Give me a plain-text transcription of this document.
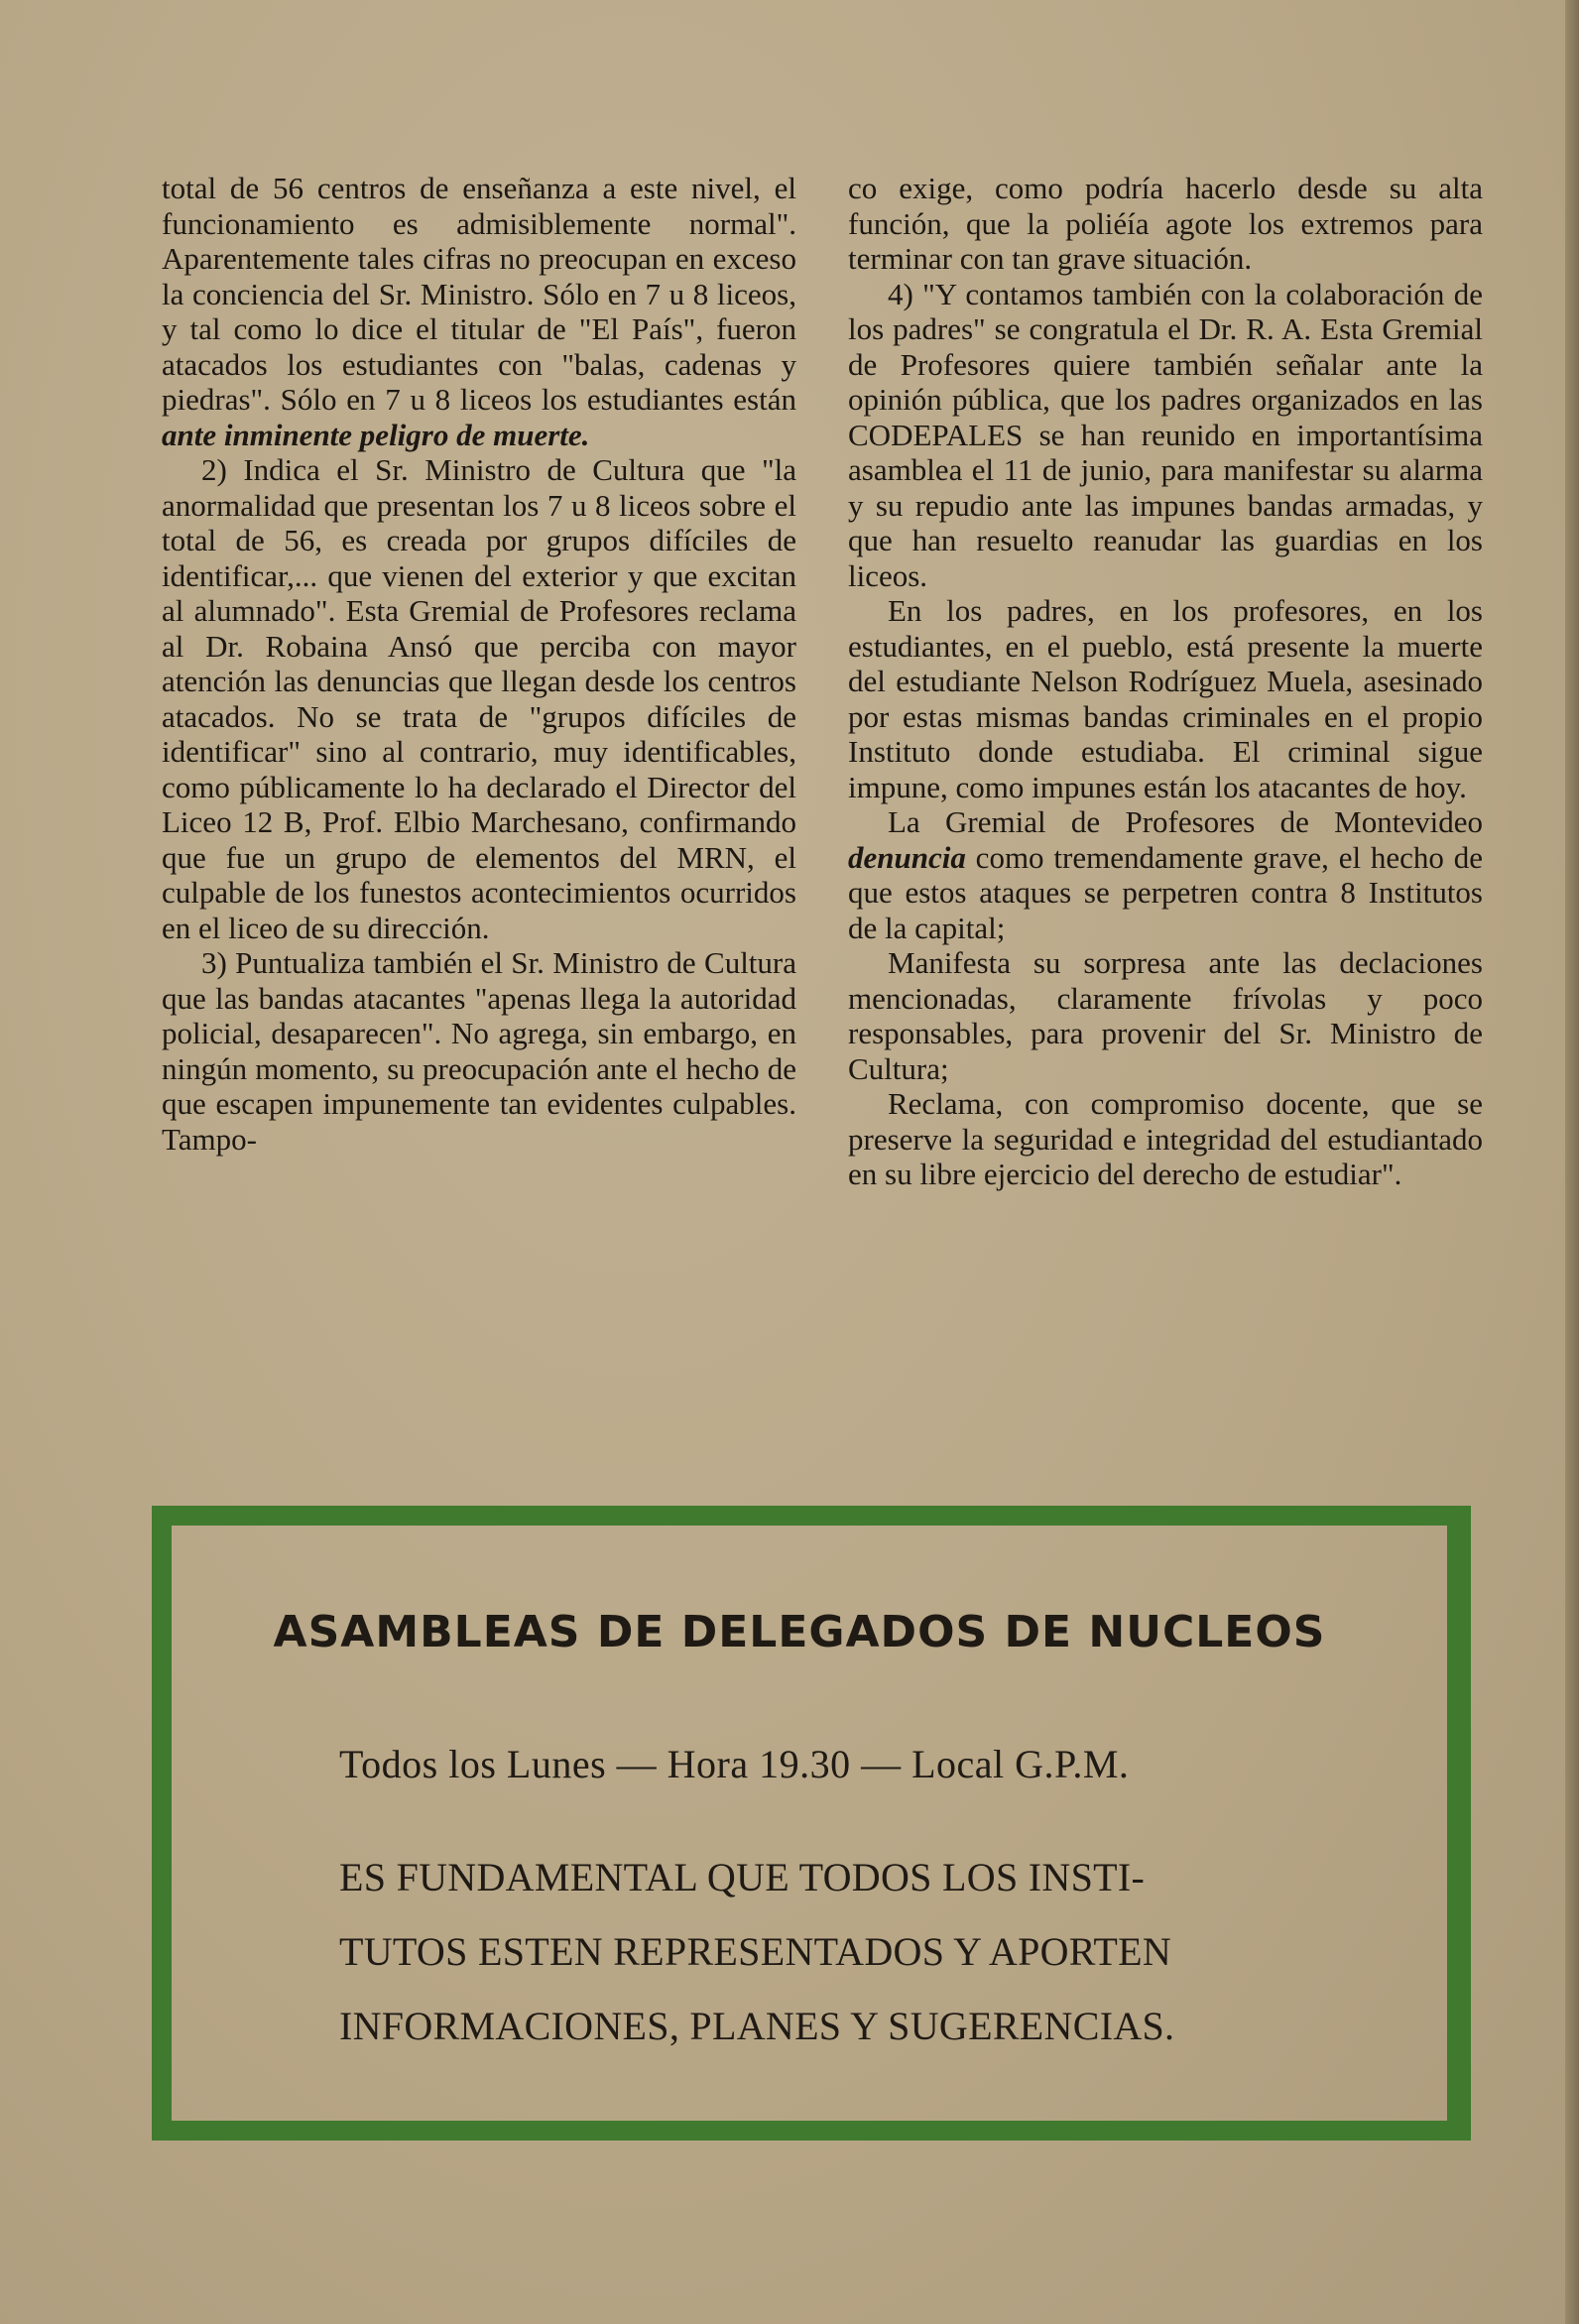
total de 56 centros de enseñanza a este nivel, el funcionamiento es admisiblemente normal". Aparentemente tales cifras no preocupan en exceso la conciencia del Sr. Ministro. Sólo en 7 u 8 liceos, y tal como lo dice el titular de "El País", fueron atacados los estudiantes con "balas, cadenas y piedras". Sólo en 7 u 8 liceos los estudiantes están ante inminente peligro de muerte.

2) Indica el Sr. Ministro de Cultura que "la anormalidad que presentan los 7 u 8 liceos sobre el total de 56, es creada por grupos difíciles de identificar,... que vienen del exterior y que excitan al alumnado". Esta Gremial de Profesores reclama al Dr. Robaina Ansó que perciba con mayor atención las denuncias que llegan desde los centros atacados. No se trata de "grupos difíciles de identificar" sino al contrario, muy identificables, como públicamente lo ha declarado el Director del Liceo 12 B, Prof. Elbio Marchesano, confirmando que fue un grupo de elementos del MRN, el culpable de los funestos acontecimientos ocurridos en el liceo de su dirección.

3) Puntualiza también el Sr. Ministro de Cultura que las bandas atacantes "apenas llega la autoridad policial, desaparecen". No agrega, sin embargo, en ningún momento, su preocupación ante el hecho de que escapen impunemente tan evidentes culpables. Tampo-

co exige, como podría hacerlo desde su alta función, que la poliéía agote los extremos para terminar con tan grave situación.

4) "Y contamos también con la colaboración de los padres" se congratula el Dr. R. A. Esta Gremial de Profesores quiere también señalar ante la opinión pública, que los padres organizados en las CODEPALES se han reunido en importantísima asamblea el 11 de junio, para manifestar su alarma y su repudio ante las impunes bandas armadas, y que han resuelto reanudar las guardias en los liceos.

En los padres, en los profesores, en los estudiantes, en el pueblo, está presente la muerte del estudiante Nelson Rodríguez Muela, asesinado por estas mismas bandas criminales en el propio Instituto donde estudiaba. El criminal sigue impune, como impunes están los atacantes de hoy.

La Gremial de Profesores de Montevideo denuncia como tremendamente grave, el hecho de que estos ataques se perpetren contra 8 Institutos de la capital;

Manifesta su sorpresa ante las declaciones mencionadas, claramente frívolas y poco responsables, para provenir del Sr. Ministro de Cultura;

Reclama, con compromiso docente, que se preserve la seguridad e integridad del estudiantado en su libre ejercicio del derecho de estudiar".

ASAMBLEAS DE DELEGADOS DE NUCLEOS
Todos los Lunes — Hora 19.30 — Local G.P.M.
ES FUNDAMENTAL QUE TODOS LOS INSTI-
TUTOS ESTEN REPRESENTADOS Y APORTEN
INFORMACIONES, PLANES Y SUGERENCIAS.
